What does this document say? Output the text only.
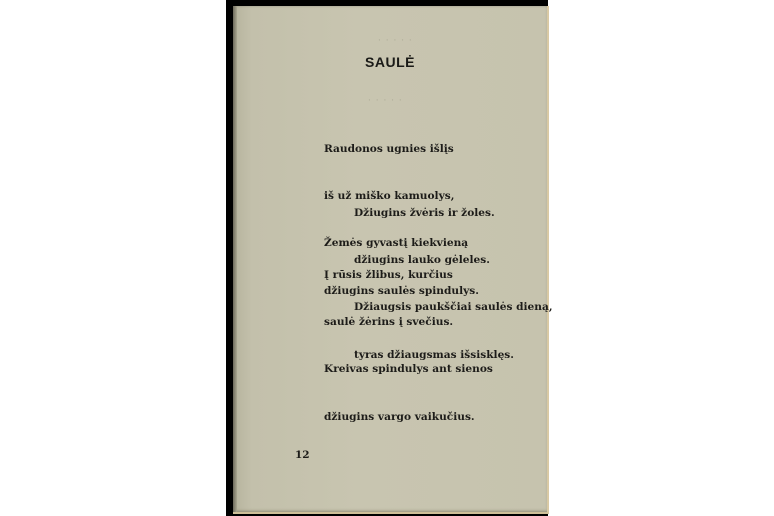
· · · · ·
· · · · ·
SAULĖ

Raudonos ugnies išlįs

iš už miško kamuolys,

Žemės gyvastį kiekvieną

džiugins saulės spindulys.

Džiugins žvėris ir žoles.

džiugins lauko gėleles.

Džiaugsis paukščiai saulės dieną,

tyras džiaugsmas išsisklęs.

Į rūsis žlibus, kurčius

saulė žėrins į svečius.

Kreivas spindulys ant sienos

džiugins vargo vaikučius.

12
